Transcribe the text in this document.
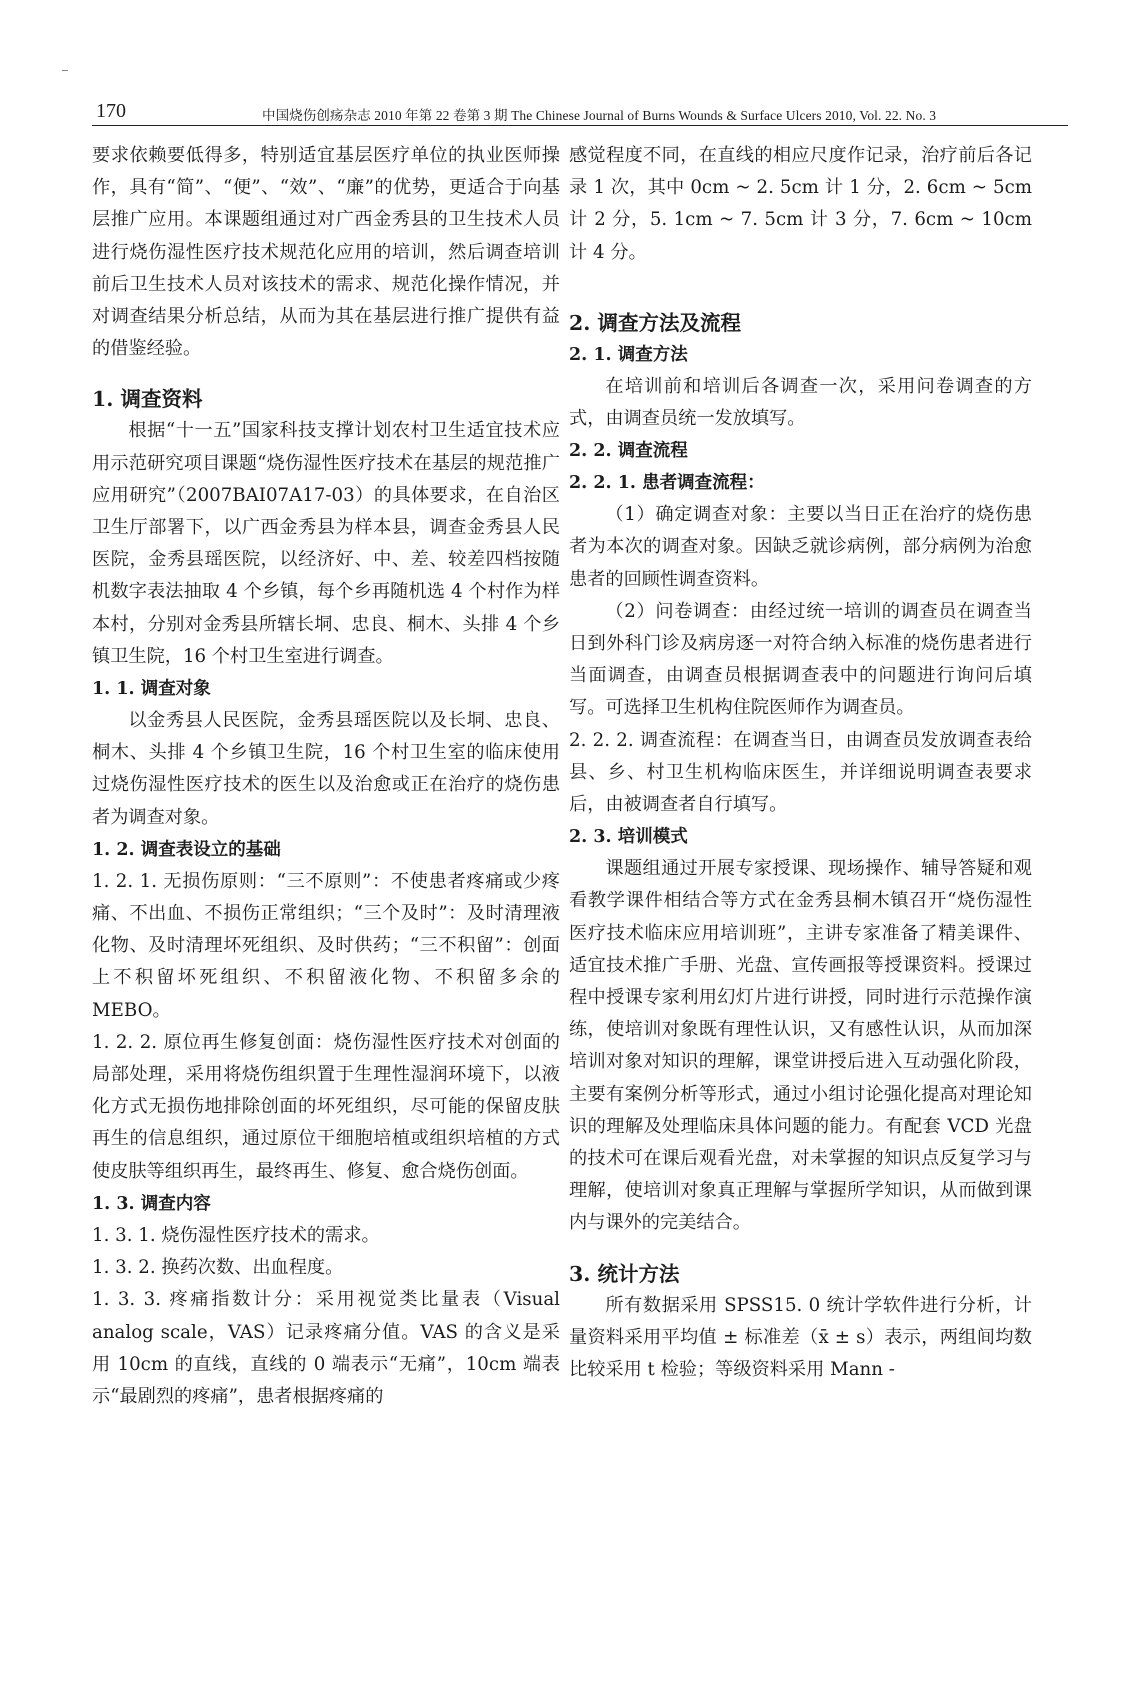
170	中国烧伤创疡杂志 2010 年第 22 卷第 3 期 The Chinese Journal of Burns Wounds & Surface Ulcers 2010, Vol. 22. No. 3

要求依赖要低得多，特别适宜基层医疗单位的执业医师操作，具有“简”、“便”、“效”、“廉”的优势，更适合于向基层推广应用。本课题组通过对广西金秀县的卫生技术人员进行烧伤湿性医疗技术规范化应用的培训，然后调查培训前后卫生技术人员对该技术的需求、规范化操作情况，并对调查结果分析总结，从而为其在基层进行推广提供有益的借鉴经验。

1. 调查资料

根据“十一五”国家科技支撑计划农村卫生适宜技术应用示范研究项目课题“烧伤湿性医疗技术在基层的规范推广应用研究”（2007BAI07A17-03）的具体要求，在自治区卫生厅部署下，以广西金秀县为样本县，调查金秀县人民医院，金秀县瑶医院，以经济好、中、差、较差四档按随机数字表法抽取 4 个乡镇，每个乡再随机选 4 个村作为样本村，分别对金秀县所辖长垌、忠良、桐木、头排 4 个乡镇卫生院，16 个村卫生室进行调查。

1. 1. 调查对象

以金秀县人民医院，金秀县瑶医院以及长垌、忠良、桐木、头排 4 个乡镇卫生院，16 个村卫生室的临床使用过烧伤湿性医疗技术的医生以及治愈或正在治疗的烧伤患者为调查对象。

1. 2. 调查表设立的基础

1. 2. 1. 无损伤原则：“三不原则”：不使患者疼痛或少疼痛、不出血、不损伤正常组织；“三个及时”：及时清理液化物、及时清理坏死组织、及时供药；“三不积留”：创面上不积留坏死组织、不积留液化物、不积留多余的 MEBO。

1. 2. 2. 原位再生修复创面：烧伤湿性医疗技术对创面的局部处理，采用将烧伤组织置于生理性湿润环境下，以液化方式无损伤地排除创面的坏死组织，尽可能的保留皮肤再生的信息组织，通过原位干细胞培植或组织培植的方式使皮肤等组织再生，最终再生、修复、愈合烧伤创面。

1. 3. 调查内容

1. 3. 1. 烧伤湿性医疗技术的需求。

1. 3. 2. 换药次数、出血程度。

1. 3. 3. 疼痛指数计分：采用视觉类比量表（Visual analog scale，VAS）记录疼痛分值。VAS 的含义是采用 10cm 的直线，直线的 0 端表示“无痛”，10cm 端表示“最剧烈的疼痛”，患者根据疼痛的

感觉程度不同，在直线的相应尺度作记录，治疗前后各记录 1 次，其中 0cm ~ 2. 5cm 计 1 分，2. 6cm ~ 5cm 计 2 分，5. 1cm ~ 7. 5cm 计 3 分，7. 6cm ~ 10cm 计 4 分。

2. 调查方法及流程
2. 1. 调查方法

在培训前和培训后各调查一次，采用问卷调查的方式，由调查员统一发放填写。

2. 2. 调查流程
2. 2. 1. 患者调查流程：

（1）确定调查对象：主要以当日正在治疗的烧伤患者为本次的调查对象。因缺乏就诊病例，部分病例为治愈患者的回顾性调查资料。

（2）问卷调查：由经过统一培训的调查员在调查当日到外科门诊及病房逐一对符合纳入标准的烧伤患者进行当面调查，由调查员根据调查表中的问题进行询问后填写。可选择卫生机构住院医师作为调查员。

2. 2. 2. 调查流程：在调查当日，由调查员发放调查表给县、乡、村卫生机构临床医生，并详细说明调查表要求后，由被调查者自行填写。

2. 3. 培训模式

课题组通过开展专家授课、现场操作、辅导答疑和观看教学课件相结合等方式在金秀县桐木镇召开“烧伤湿性医疗技术临床应用培训班”，主讲专家准备了精美课件、适宜技术推广手册、光盘、宣传画报等授课资料。授课过程中授课专家利用幻灯片进行讲授，同时进行示范操作演练，使培训对象既有理性认识，又有感性认识，从而加深培训对象对知识的理解，课堂讲授后进入互动强化阶段，主要有案例分析等形式，通过小组讨论强化提高对理论知识的理解及处理临床具体问题的能力。有配套 VCD 光盘的技术可在课后观看光盘，对未掌握的知识点反复学习与理解，使培训对象真正理解与掌握所学知识，从而做到课内与课外的完美结合。

3. 统计方法

所有数据采用 SPSS15. 0 统计学软件进行分析，计量资料采用平均值 ± 标准差（x̄ ± s）表示，两组间均数比较采用 t 检验；等级资料采用 Mann -
